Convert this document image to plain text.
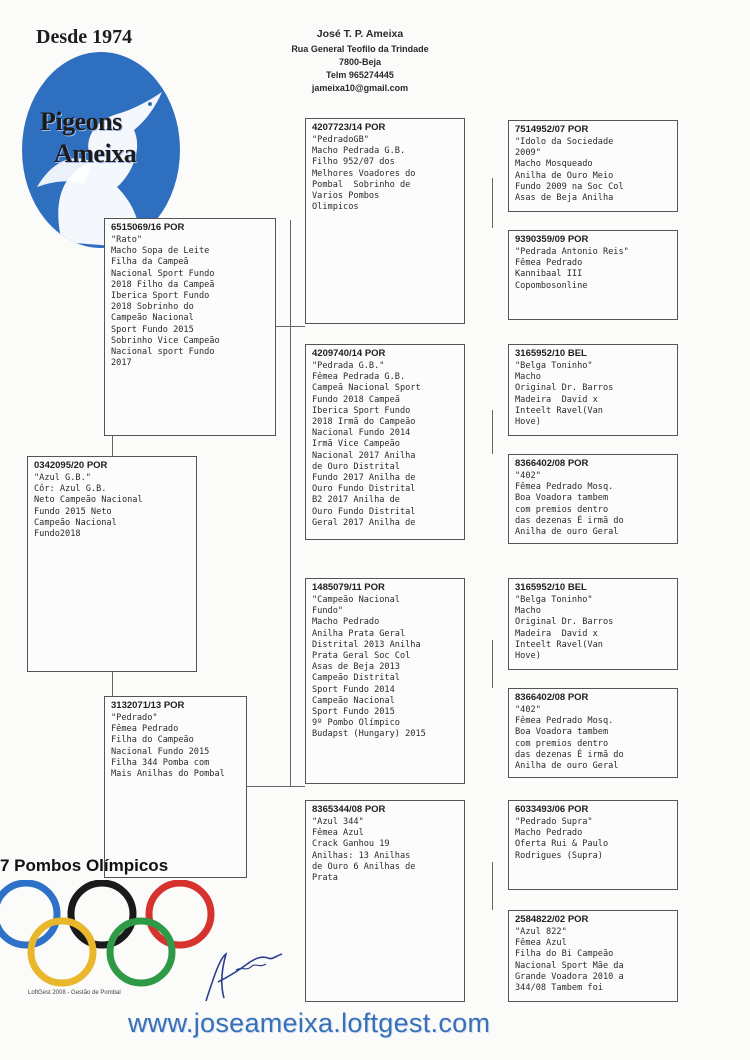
Desde 1974
Pigeons
Ameixa
José T. P. Ameixa
Rua General Teofilo da Trindade
7800-Beja
Telm 965274445
jameixa10@gmail.com
0342095/20 POR
"Azul G.B."
Côr: Azul G.B.
Neto Campeão Nacional
Fundo 2015 Neto
Campeão Nacional
Fundo2018
6515069/16 POR
"Rato"
Macho Sopa de Leite
Filha da Campeã
Nacional Sport Fundo
2018 Filho da Campeã
Iberica Sport Fundo
2018 Sobrinho do
Campeão Nacional
Sport Fundo 2015
Sobrinho Vice Campeão
Nacional sport Fundo
2017
3132071/13 POR
"Pedrado"
Fêmea Pedrado
Filha do Campeão
Nacional Fundo 2015
Filha 344 Pomba com
Mais Anilhas do Pombal
4207723/14 POR
"PedradoGB"
Macho Pedrada G.B.
Filho 952/07 dos
Melhores Voadores do
Pombal  Sobrinho de
Varios Pombos
Olimpicos
4209740/14 POR
"Pedrada G.B."
Fêmea Pedrada G.B.
Campeã Nacional Sport
Fundo 2018 Campeã
Iberica Sport Fundo
2018 Irmã do Campeão
Nacional Fundo 2014
Irmã Vice Campeão
Nacional 2017 Anilha
de Ouro Distrital
Fundo 2017 Anilha de
Ouro Fundo Distrital
B2 2017 Anilha de
Ouro Fundo Distrital
Geral 2017 Anilha de
1485079/11 POR
"Campeão Nacional
Fundo"
Macho Pedrado
Anilha Prata Geral
Distrital 2013 Anilha
Prata Geral Soc Col
Asas de Beja 2013
Campeão Distrital
Sport Fundo 2014
Campeão Nacional
Sport Fundo 2015
9º Pombo Olímpico
Budapst (Hungary) 2015
8365344/08 POR
"Azul 344"
Fêmea Azul
Crack Ganhou 19
Anilhas: 13 Anilhas
de Ouro 6 Anilhas de
Prata
7514952/07 POR
"Idolo da Sociedade
2009"
Macho Mosqueado
Anilha de Ouro Meio
Fundo 2009 na Soc Col
Asas de Beja Anilha
9390359/09 POR
"Pedrada Antonio Reis"
Fêmea Pedrado
Kannibaal III
Copombosonline
3165952/10 BEL
"Belga Toninho"
Macho
Original Dr. Barros
Madeira  David x
Inteelt Ravel(Van
Hove)
8366402/08 POR
"402"
Fêmea Pedrado Mosq.
Boa Voadora tambem
com premios dentro
das dezenas É irmã do
Anilha de ouro Geral
3165952/10 BEL
"Belga Toninho"
Macho
Original Dr. Barros
Madeira  David x
Inteelt Ravel(Van
Hove)
8366402/08 POR
"402"
Fêmea Pedrado Mosq.
Boa Voadora tambem
com premios dentro
das dezenas É irmã do
Anilha de ouro Geral
6033493/06 POR
"Pedrado Supra"
Macho Pedrado
Oferta Rui & Paulo
Rodrigues (Supra)
2584822/02 POR
"Azul 822"
Fêmea Azul
Filha do Bi Campeão
Nacional Sport Mãe da
Grande Voadora 2010 a
344/08 Tambem foi
7 Pombos Olímpicos
LoftGest 2008 - Gestão de Pombal
www.joseameixa.loftgest.com
